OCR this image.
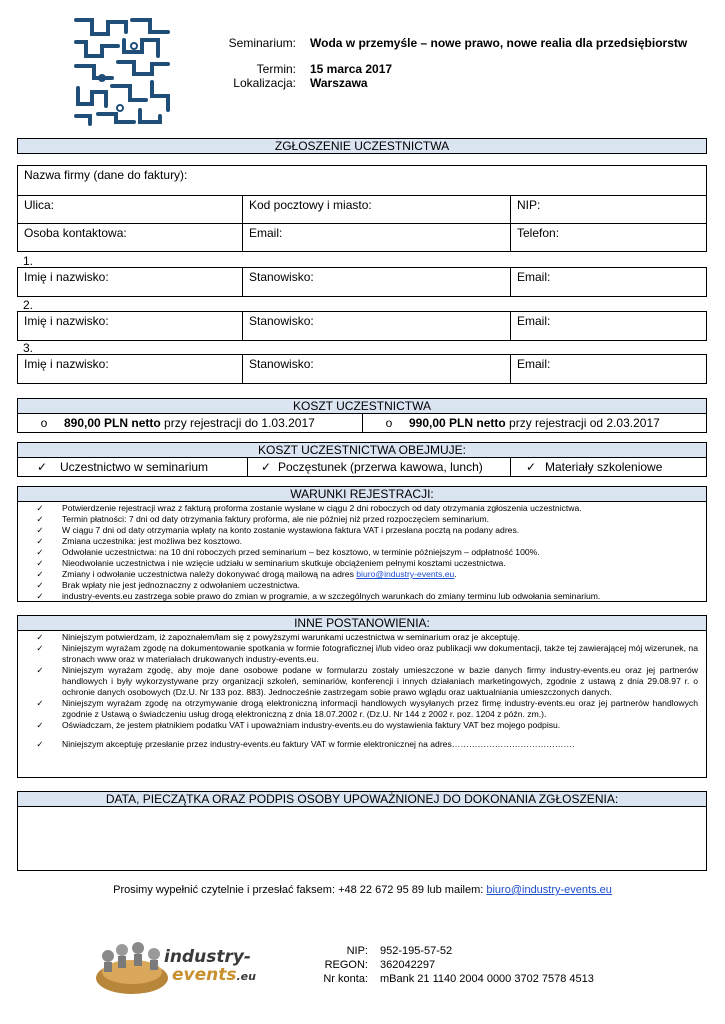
Seminarium: Woda w przemyśle – nowe prawo, nowe realia dla przedsiębiorstw
Termin: 15 marca 2017
Lokalizacja: Warszawa
ZGŁOSZENIE UCZESTNICTWA
Nazwa firmy (dane do faktury):		
Ulica:	Kod pocztowy i miasto:	NIP:
Osoba kontaktowa:	Email:	Telefon:
1.
Imię i nazwisko:	Stanowisko:	Email:
2.
Imię i nazwisko:	Stanowisko:	Email:
3.
Imię i nazwisko:	Stanowisko:	Email:
KOSZT UCZESTNICTWA
o 890,00 PLN netto przy rejestracji do 1.03.2017	o 990,00 PLN netto przy rejestracji od 2.03.2017
KOSZT UCZESTNICTWA OBEJMUJE:
✓ Uczestnictwo w seminarium	✓ Poczęstunek (przerwa kawowa, lunch)	✓ Materiały szkoleniowe
WARUNKI REJESTRACJI:
✓	Potwierdzenie rejestracji wraz z fakturą proforma zostanie wysłane w ciągu 2 dni roboczych od daty otrzymania zgłoszenia uczestnictwa.
✓	Termin płatności: 7 dni od daty otrzymania faktury proforma, ale nie później niż przed rozpoczęciem seminarium.
✓	W ciągu 7 dni od daty otrzymania wpłaty na konto zostanie wystawiona faktura VAT i przesłana pocztą na podany adres.
✓	Zmiana uczestnika: jest możliwa bez kosztowo.
✓	Odwołanie uczestnictwa: na 10 dni roboczych przed seminarium – bez kosztowo, w terminie późniejszym – odpłatność 100%.
✓	Nieodwołanie uczestnictwa i nie wzięcie udziału w seminarium skutkuje obciążeniem pełnymi kosztami uczestnictwa.
✓	Zmiany i odwołanie uczestnictwa należy dokonywać drogą mailową na adres biuro@industry-events.eu.
✓	Brak wpłaty nie jest jednoznaczny z odwołaniem uczestnictwa.
✓	industry-events.eu zastrzega sobie prawo do zmian w programie, a w szczególnych warunkach do zmiany terminu lub odwołania seminarium.
INNE POSTANOWIENIA:
✓	Niniejszym potwierdzam, iż zapoznałem/łam się z powyższymi warunkami uczestnictwa w seminarium oraz je akceptuję.
✓	Niniejszym wyrażam zgodę na dokumentowanie spotkania w formie fotograficznej i/lub video oraz publikacji ww dokumentacji, także tej zawierającej mój wizerunek, na stronach www oraz w materiałach drukowanych industry-events.eu.
✓	Niniejszym wyrażam zgodę, aby moje dane osobowe podane w formularzu zostały umieszczone w bazie danych firmy industry-events.eu oraz jej partnerów handlowych i były wykorzystywane przy organizacji szkoleń, seminariów, konferencji i innych działaniach marketingowych, zgodnie z ustawą z dnia 29.08.97 r. o ochronie danych osobowych (Dz.U. Nr 133 poz. 883). Jednocześnie zastrzegam sobie prawo wglądu oraz uaktualniania umieszczonych danych.
✓	Niniejszym wyrażam zgodę na otrzymywanie drogą elektroniczną informacji handlowych wysyłanych przez firmę industry-events.eu oraz jej partnerów handlowych zgodnie z Ustawą o świadczeniu usług drogą elektroniczną z dnia 18.07.2002 r. (Dz.U. Nr 144 z 2002 r. poz. 1204 z późn. zm.).
✓	Oświadczam, że jestem płatnikiem podatku VAT i upoważniam industry-events.eu do wystawienia faktury VAT bez mojego podpisu.
✓	Niniejszym akceptuję przesłanie przez industry-events.eu faktury VAT w formie elektronicznej na adres…………………………………….
DATA, PIECZĄTKA ORAZ PODPIS OSOBY UPOWAŻNIONEJ DO DOKONANIA ZGŁOSZENIA:
Prosimy wypełnić czytelnie i przesłać faksem: +48 22 672 95 89 lub mailem: biuro@industry-events.eu
industry-
events.eu
NIP: 952-195-57-52
REGON: 362042297
Nr konta: mBank 21 1140 2004 0000 3702 7578 4513
